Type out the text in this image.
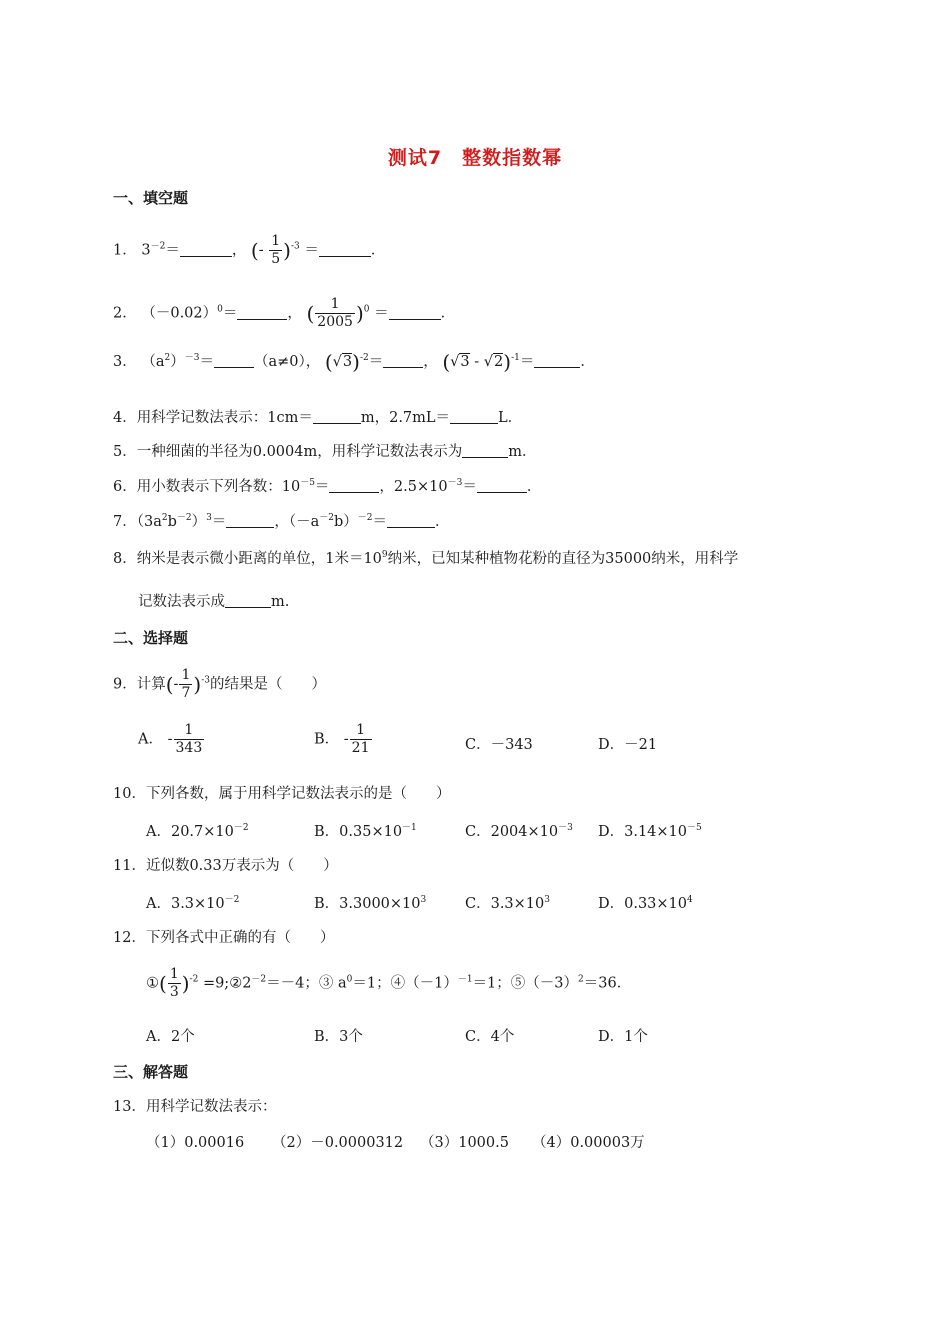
测试7　整数指数幂
一、填空题
1． $3^{-2}=$	， (- $\frac{1}{5} )^{-3}$ ＝	．
2． $(-0.02)^0=$	， ( $\frac{1}{2005} )^0$ ＝	．
3． $(a^2)^{-3}=$	（a≠0）， $(√3)^{-2}=$	， (√3 - √2)$^{-1}$＝	．
4．用科学记数法表示：1cm＝	m，2.7mL＝	L．
5．一种细菌的半径为0.0004m，用科学记数法表示为	m．
6．用小数表示下列各数：$10^{-5}=$	，$2.5\times 10^{-3}=$	．
7．$(3a^2b^{-2})^3=$	，$(-a^{-2}b)^{-2}=$	．
8．纳米是表示微小距离的单位，1米$=10^9$纳米，已知某种植物花粉的直径为35000纳米，用科学
记数法表示成	m.
二、选择题
9．计算(- $\frac{1}{7} )^{-3}$的结果是（　　）
A． - $\frac{1}{343}$	B． - $\frac{1}{21}$	C．－343	D．－21
10．下列各数，属于用科学记数法表示的是（　　）
A．$20.7\times 10^{-2}$	B．$0.35\times 10^{-1}$	C．$2004\times 10^{-3}$ D．$3.14\times 10^{-5}$
11．近似数0.33万表示为（　　）
A．$3.3\times 10^{-2}$	B．$3.3000\times 10^3$	C．$3.3\times 10^3$	D．$0.33\times 10^4$
12．下列各式中正确的有（　　）
①( $\frac{1}{3} )^{-2}$ $=9;②2^{-2}=-4$；③ $a^0=1$；$④(-1)^{-1}=1$；$⑤(-3)^2=36$．
A．2个	B．3个	C．4个	D．1个
三、解答题
13．用科学记数法表示：
（1）0.00016 （2）－0.0000312 （3）1000.5 （4）0.00003万
